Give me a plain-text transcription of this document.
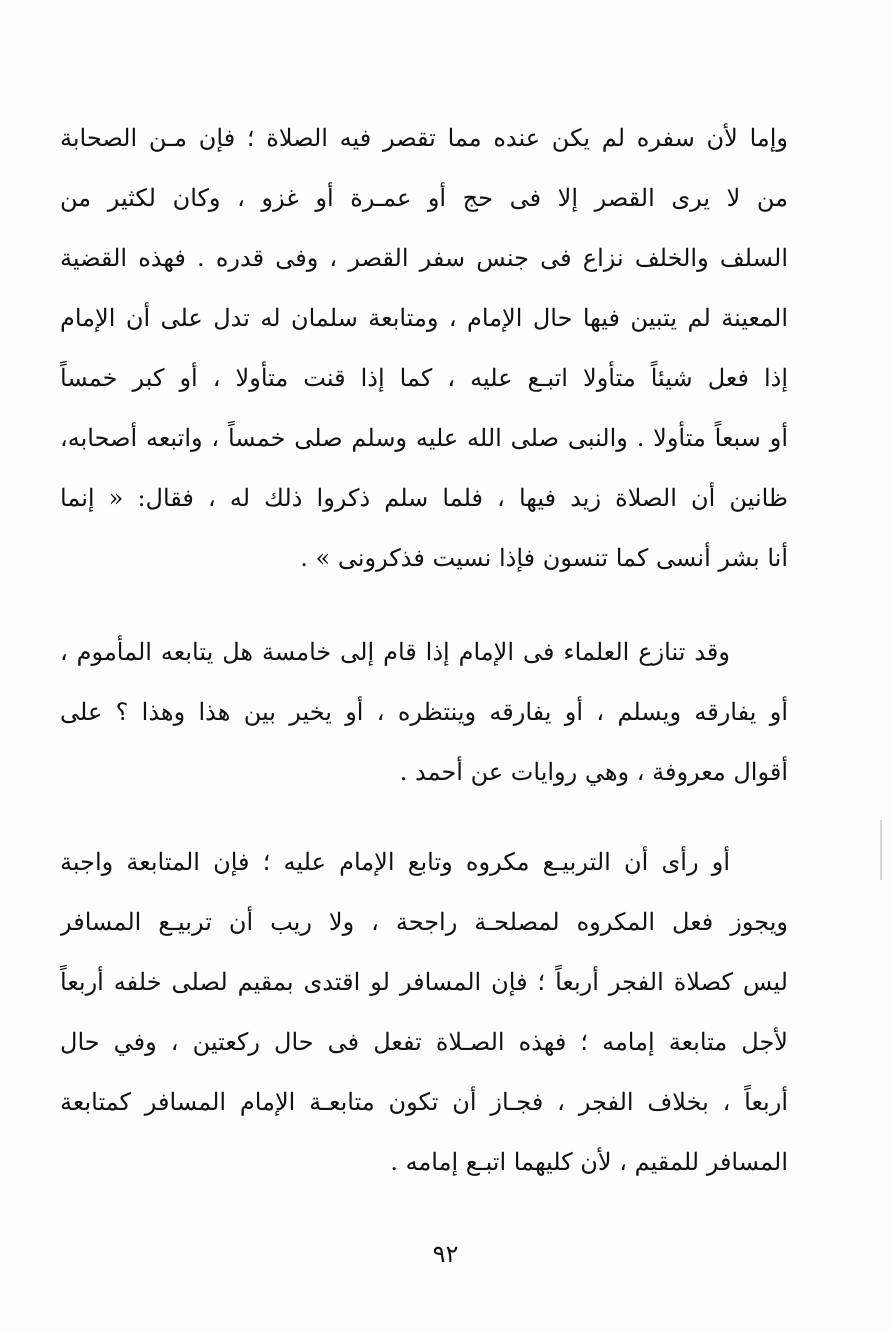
وإما لأن سفره لم يكن عنده مما تقصر فيه الصلاة ؛ فإن مـن الصحابة
من لا يرى القصر إلا فى حج أو عمـرة أو غزو ، وكان لكثير من
السلف والخلف نزاع فى جنس سفر القصر ، وفى قدره . فهذه القضية
المعينة لم يتبين فيها حال الإمام ، ومتابعة سلمان له تدل على أن الإمام
إذا فعل شيئاً متأولا اتبـع عليه ، كما إذا قنت متأولا ، أو كبر خمساً
أو سبعاً متأولا . والنبى صلى الله عليه وسلم صلى خمساً ، واتبعه أصحابه،
ظانين أن الصلاة زيد فيها ، فلما سلم ذكروا ذلك له ، فقال: « إنما
أنا بشر أنسى كما تنسون فإذا نسيت فذكرونى » .
وقد تنازع العلماء فى الإمام إذا قام إلى خامسة هل يتابعه المأموم ،
أو يفارقه ويسلم ، أو يفارقه وينتظره ، أو يخير بين هذا وهذا ؟ على
أقوال معروفة ، وهي روايات عن أحمد .
أو رأى أن التربيـع مكروه وتابع الإمام عليه ؛ فإن المتابعة واجبة
ويجوز فعل المكروه لمصلحـة راجحة ، ولا ريب أن تربيـع المسافر
ليس كصلاة الفجر أربعاً ؛ فإن المسافر لو اقتدى بمقيم لصلى خلفه أربعاً
لأجل متابعة إمامه ؛ فهذه الصـلاة تفعل فى حال ركعتين ، وفي حال
أربعاً ، بخلاف الفجر ، فجـاز أن تكون متابعـة الإمام المسافر كمتابعة
المسافر للمقيم ، لأن كليهما اتبـع إمامه .
٩٢
